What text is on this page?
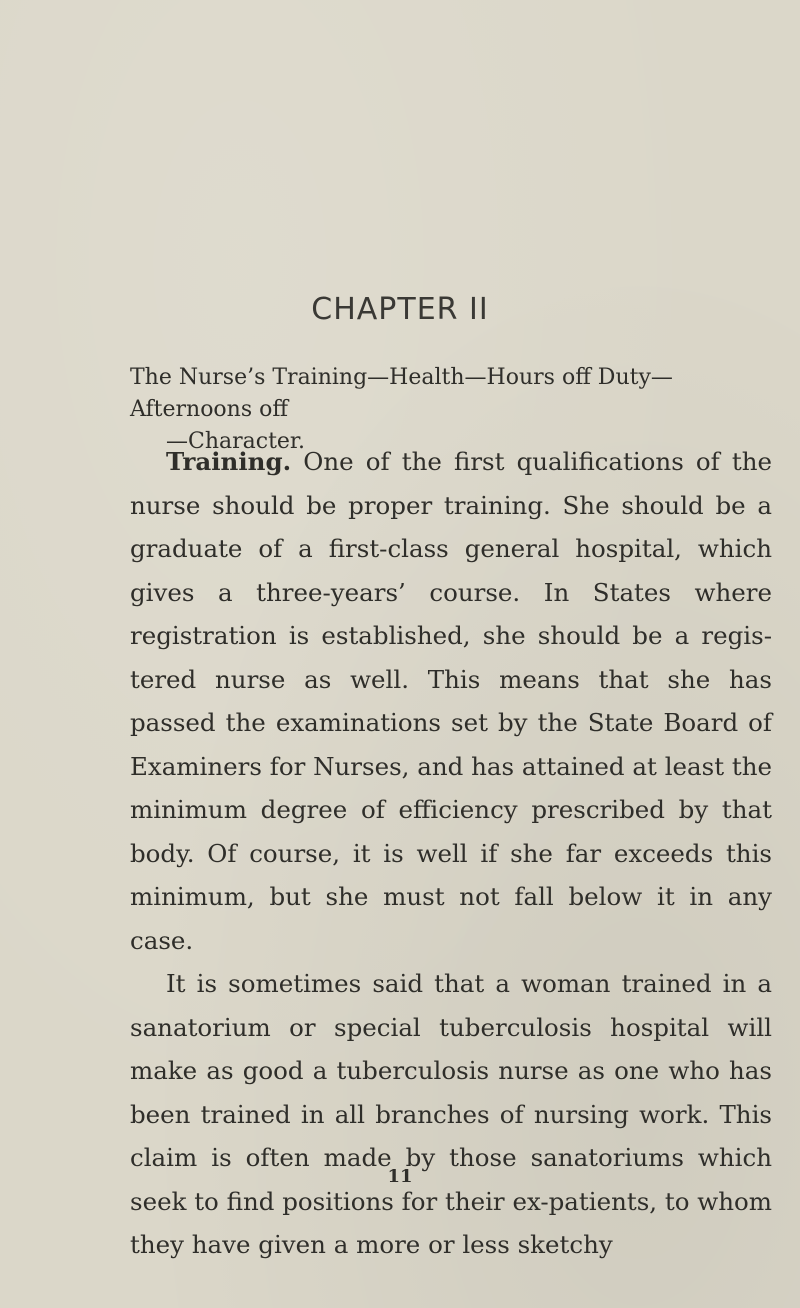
CHAPTER II

The Nurse’s Training—Health—Hours off Duty—Afternoons off
—Character.

Training. One of the first qualifications of the nurse should be proper training. She should be a graduate of a first-class general hospital, which gives a three-years’ course. In States where registration is established, she should be a registered nurse as well. This means that she has passed the examinations set by the State Board of Examiners for Nurses, and has attained at least the minimum degree of efficiency prescribed by that body. Of course, it is well if she far exceeds this minimum, but she must not fall below it in any case.

It is sometimes said that a woman trained in a sanatorium or special tuberculosis hospital will make as good a tuberculosis nurse as one who has been trained in all branches of nursing work. This claim is often made by those sanatoriums which seek to find positions for their ex-patients, to whom they have given a more or less sketchy

11
